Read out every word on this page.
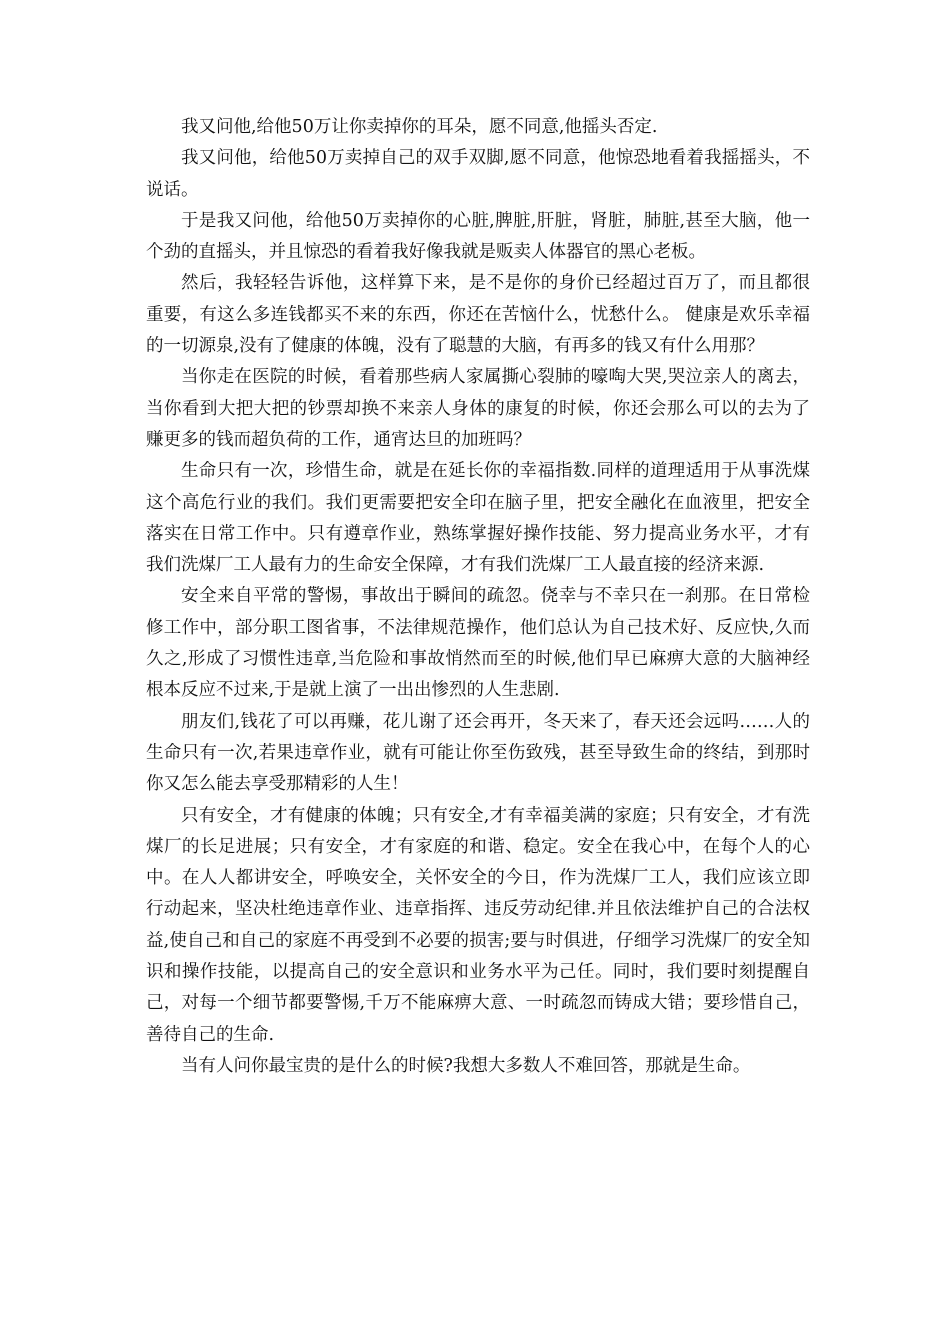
我又问他,给他50万让你卖掉你的耳朵，愿不同意,他摇头否定.

我又问他，给他50万卖掉自己的双手双脚,愿不同意，他惊恐地看着我摇摇头，不说话。

于是我又问他，给他50万卖掉你的心脏,脾脏,肝脏，肾脏，肺脏,甚至大脑，他一个劲的直摇头，并且惊恐的看着我好像我就是贩卖人体器官的黑心老板。

然后，我轻轻告诉他，这样算下来，是不是你的身价已经超过百万了，而且都很重要，有这么多连钱都买不来的东西，你还在苦恼什么，忧愁什么。 健康是欢乐幸福的一切源泉,没有了健康的体魄，没有了聪慧的大脑，有再多的钱又有什么用那？

当你走在医院的时候，看着那些病人家属撕心裂肺的嚎啕大哭,哭泣亲人的离去，当你看到大把大把的钞票却换不来亲人身体的康复的时候，你还会那么可以的去为了赚更多的钱而超负荷的工作，通宵达旦的加班吗？

生命只有一次，珍惜生命，就是在延长你的幸福指数.同样的道理适用于从事洗煤这个高危行业的我们。我们更需要把安全印在脑子里，把安全融化在血液里，把安全落实在日常工作中。只有遵章作业，熟练掌握好操作技能、努力提高业务水平，才有我们洗煤厂工人最有力的生命安全保障，才有我们洗煤厂工人最直接的经济来源.

安全来自平常的警惕，事故出于瞬间的疏忽。侥幸与不幸只在一刹那。在日常检修工作中，部分职工图省事，不法律规范操作，他们总认为自己技术好、反应快,久而久之,形成了习惯性违章,当危险和事故悄然而至的时候,他们早已麻痹大意的大脑神经根本反应不过来,于是就上演了一出出惨烈的人生悲剧.

朋友们,钱花了可以再赚，花儿谢了还会再开，冬天来了，春天还会远吗……人的生命只有一次,若果违章作业，就有可能让你至伤致残，甚至导致生命的终结，到那时你又怎么能去享受那精彩的人生！

只有安全，才有健康的体魄；只有安全,才有幸福美满的家庭；只有安全，才有洗煤厂的长足进展；只有安全，才有家庭的和谐、稳定。安全在我心中，在每个人的心中。在人人都讲安全，呼唤安全，关怀安全的今日，作为洗煤厂工人，我们应该立即行动起来，坚决杜绝违章作业、违章指挥、违反劳动纪律.并且依法维护自己的合法权益,使自己和自己的家庭不再受到不必要的损害;要与时俱进，仔细学习洗煤厂的安全知识和操作技能，以提高自己的安全意识和业务水平为己任。同时，我们要时刻提醒自己，对每一个细节都要警惕,千万不能麻痹大意、一时疏忽而铸成大错；要珍惜自己，善待自己的生命.

当有人问你最宝贵的是什么的时候?我想大多数人不难回答，那就是生命。
